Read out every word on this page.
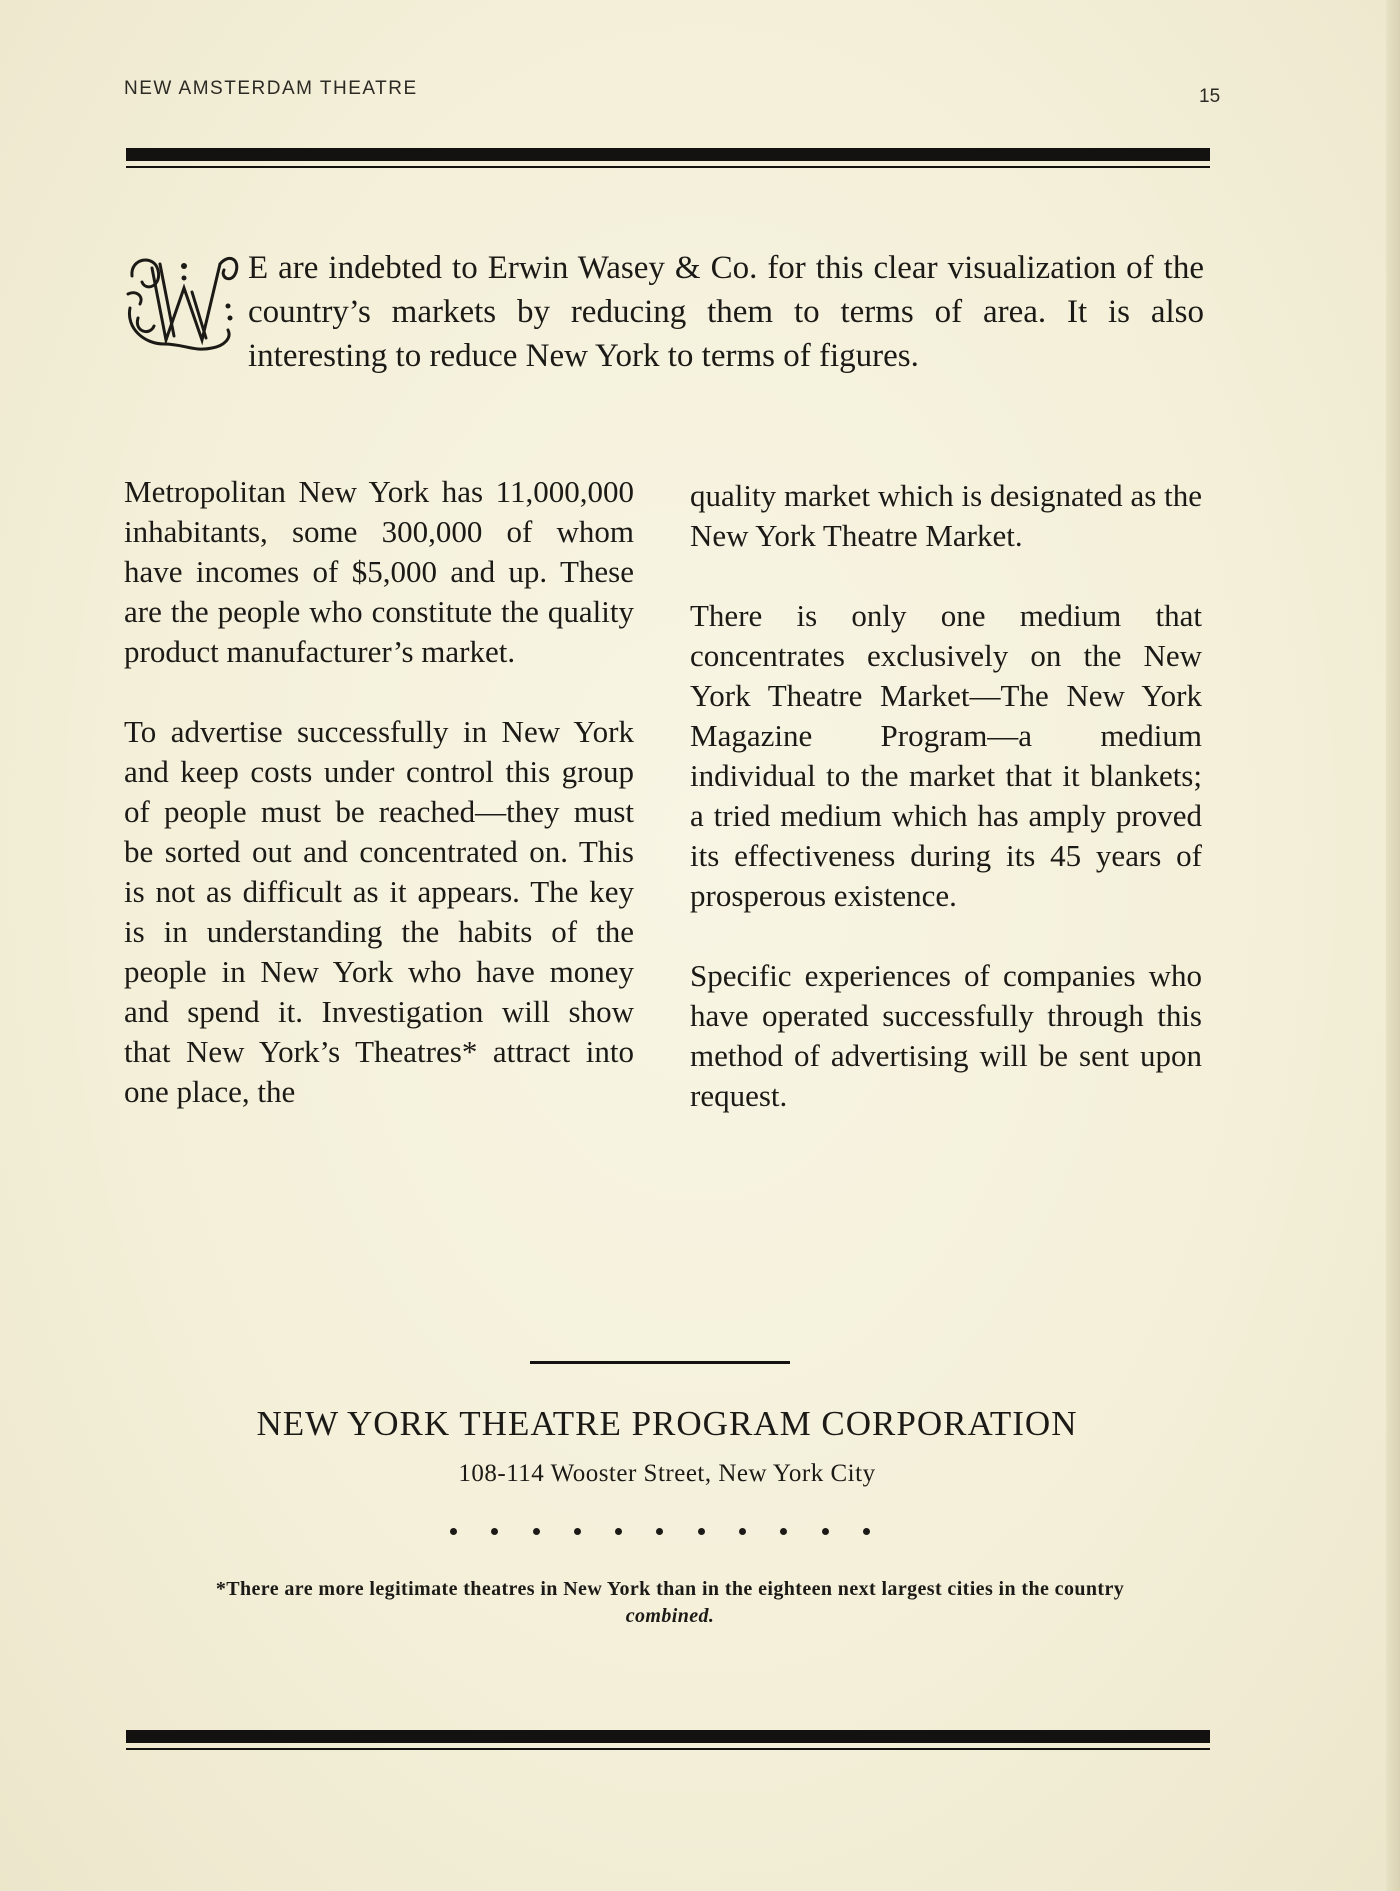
NEW AMSTERDAM THEATRE	15
E are indebted to Erwin Wasey & Co. for this clear visualization of the country’s markets by reducing them to terms of area. It is also interesting to reduce New York to terms of figures.

Metropolitan New York has 11,000,000 inhabitants, some 300,000 of whom have incomes of $5,000 and up. These are the people who constitute the quality product manufacturer’s market.

To advertise successfully in New York and keep costs under control this group of people must be reached—they must be sorted out and concentrated on. This is not as difficult as it appears. The key is in understanding the habits of the people in New York who have money and spend it. Investigation will show that New York’s Theatres* attract into one place, the

quality market which is designated as the New York Theatre Market.

There is only one medium that concentrates exclusively on the New York Theatre Market—The New York Magazine Program—a medium individual to the market that it blankets; a tried medium which has amply proved its effectiveness during its 45 years of prosperous existence.

Specific experiences of companies who have operated successfully through this method of advertising will be sent upon request.

NEW YORK THEATRE PROGRAM CORPORATION
108-114 Wooster Street, New York City
*There are more legitimate theatres in New York than in the eighteen next largest cities in the country combined.
